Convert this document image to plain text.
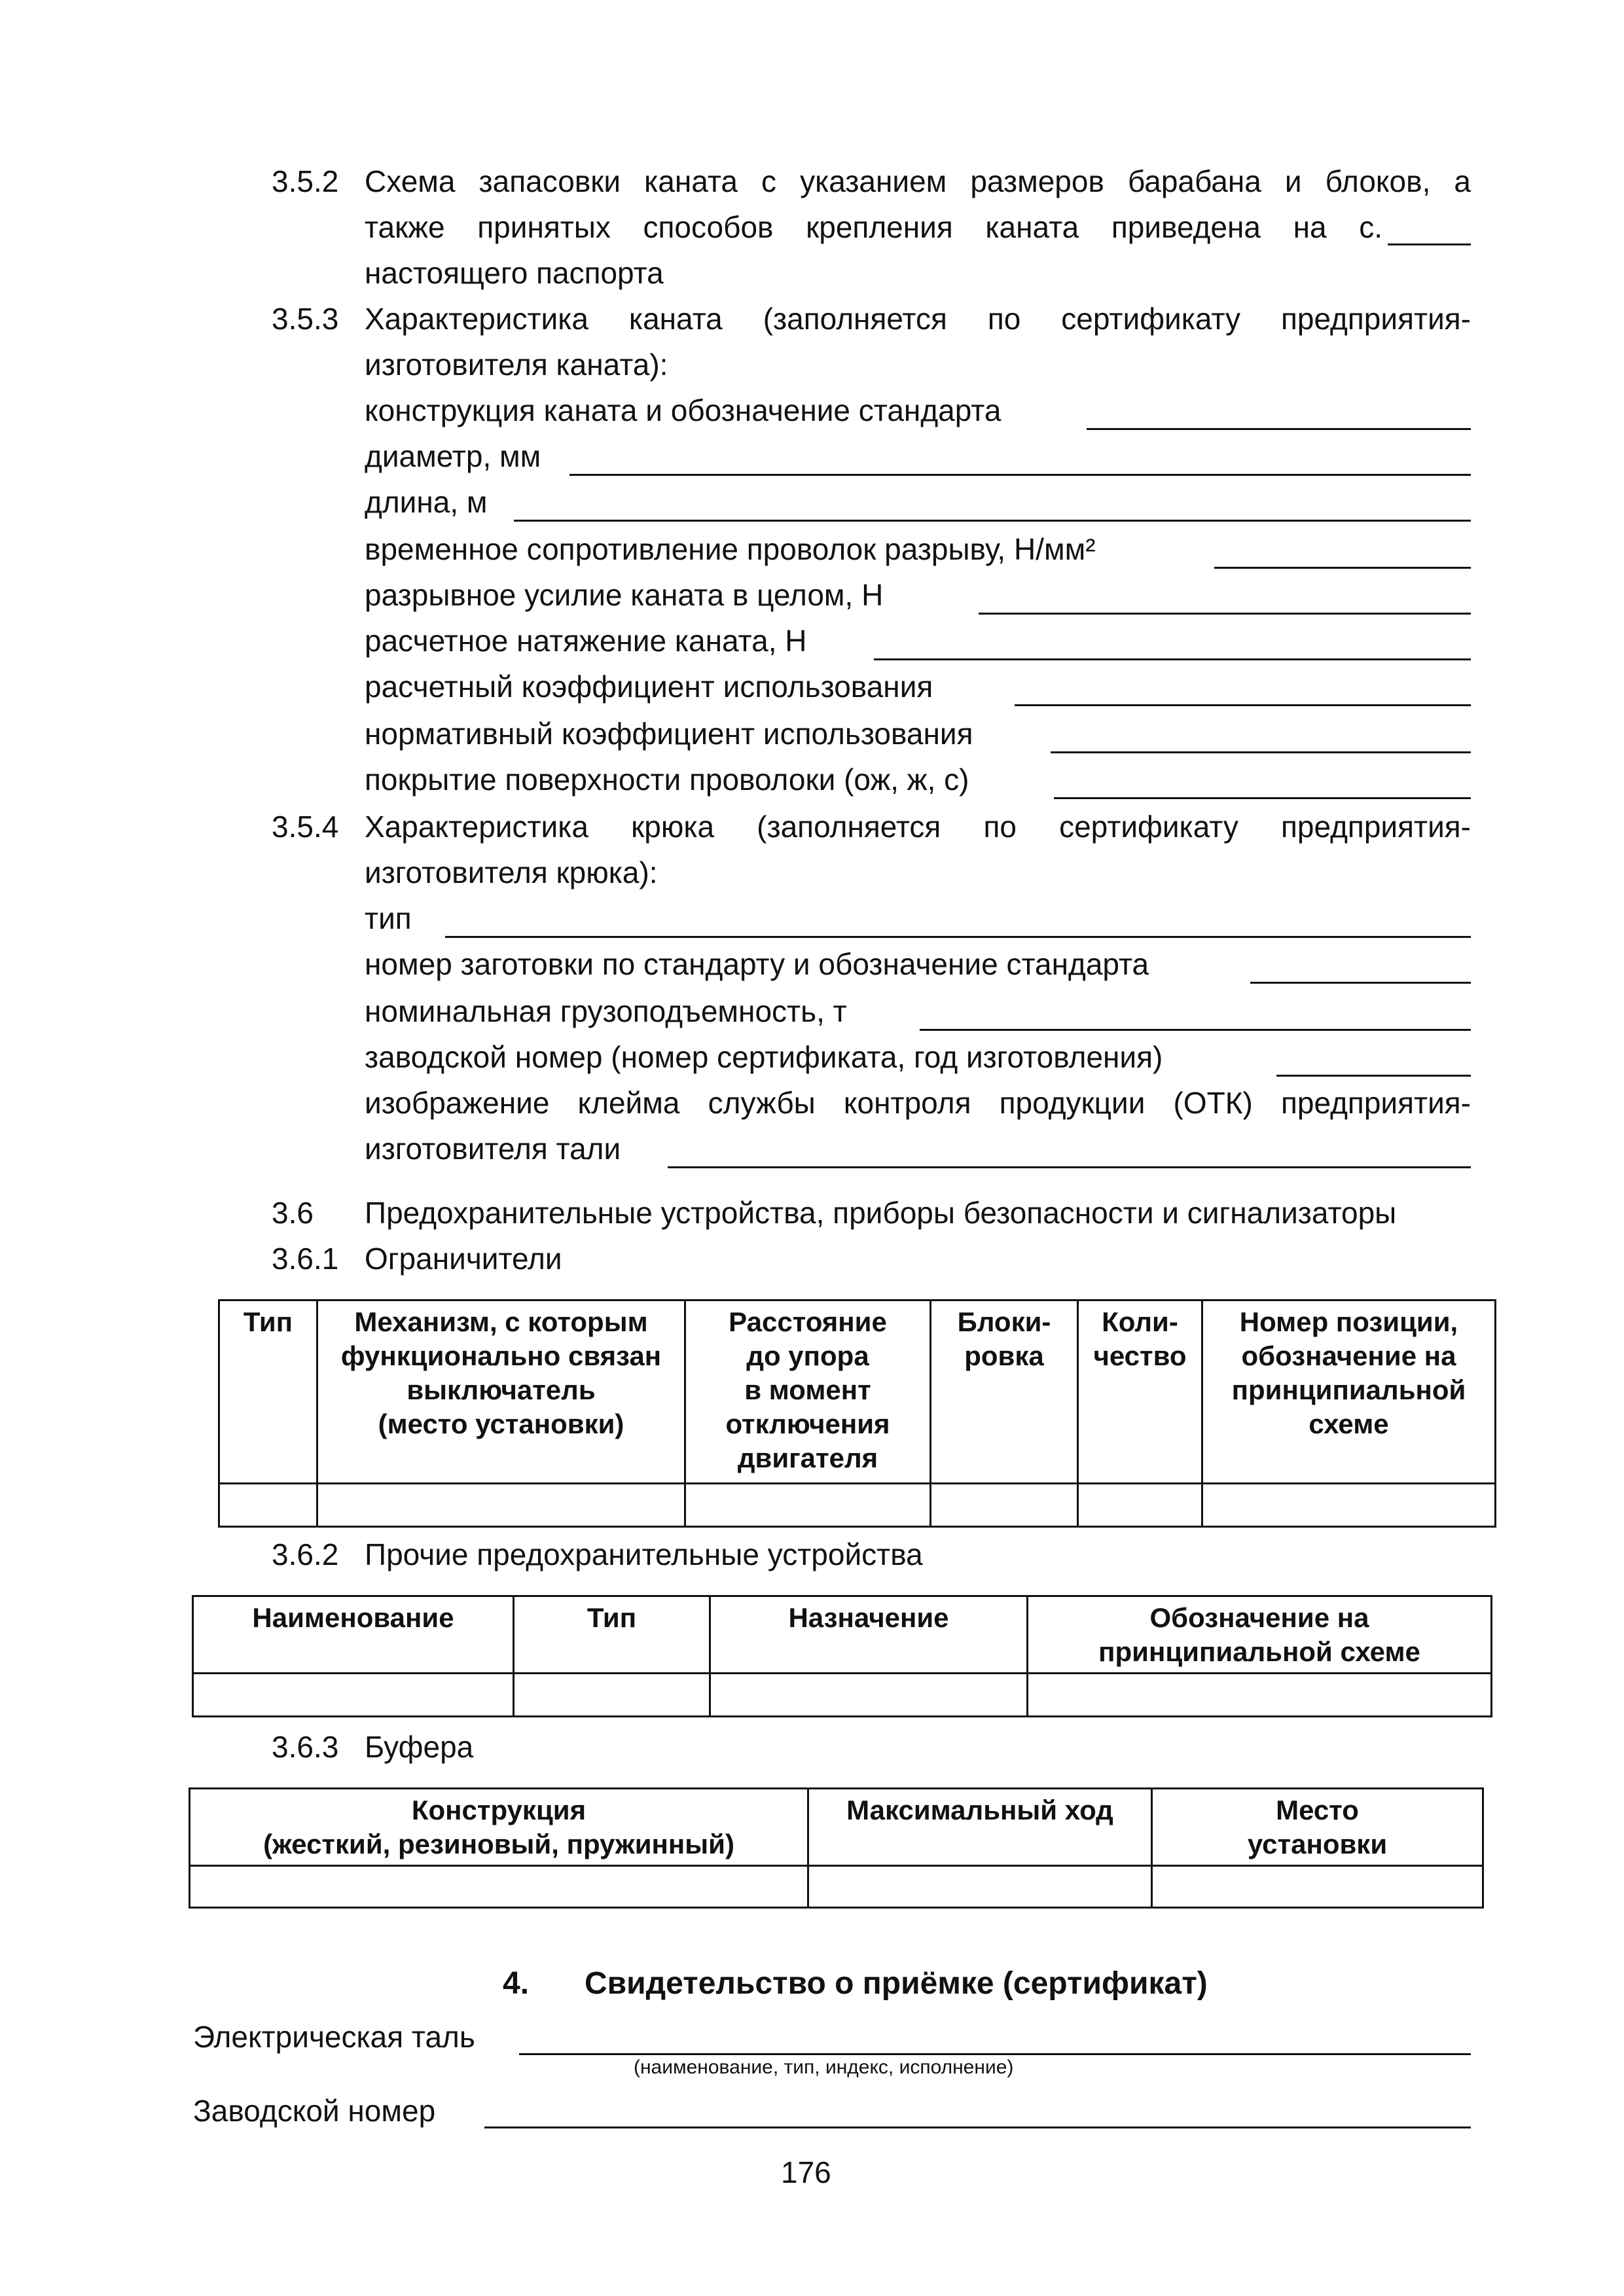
3.5.2 Схема запасовки каната с указанием размеров барабана и блоков, а
также принятых способов крепления каната приведена на с.
настоящего паспорта
3.5.3 Характеристика каната (заполняется по сертификату предприятия-
изготовителя каната):
конструкция каната и обозначение стандарта
диаметр, мм
длина, м
временное сопротивление проволок разрыву, Н/мм²
разрывное усилие каната в целом, Н
расчетное натяжение каната, Н
расчетный коэффициент использования
нормативный коэффициент использования
покрытие поверхности проволоки (ож, ж, с)
3.5.4 Характеристика крюка (заполняется по сертификату предприятия-
изготовителя крюка):
тип
номер заготовки по стандарту и обозначение стандарта
номинальная грузоподъемность, т
заводской номер (номер сертификата, год изготовления)
изображение клейма службы контроля продукции (ОТК) предприятия-
изготовителя тали
3.6 Предохранительные устройства, приборы безопасности и сигнализаторы
3.6.1 Ограничители
Тип	Механизм, с которым
функционально связан
выключатель
(место установки)	Расстояние
до упора
в момент
отключения
двигателя	Блоки-
ровка	Коли-
чество	Номер позиции,
обозначение на
принципиальной
схеме

3.6.2 Прочие предохранительные устройства
Наименование	Тип	Назначение	Обозначение на
принципиальной схеме

3.6.3 Буфера
Конструкция
(жесткий, резиновый, пружинный)	Максимальный ход	Место
установки

4. Свидетельство о приёмке (сертификат)
Электрическая таль
(наименование, тип, индекс, исполнение)
Заводской номер
176
